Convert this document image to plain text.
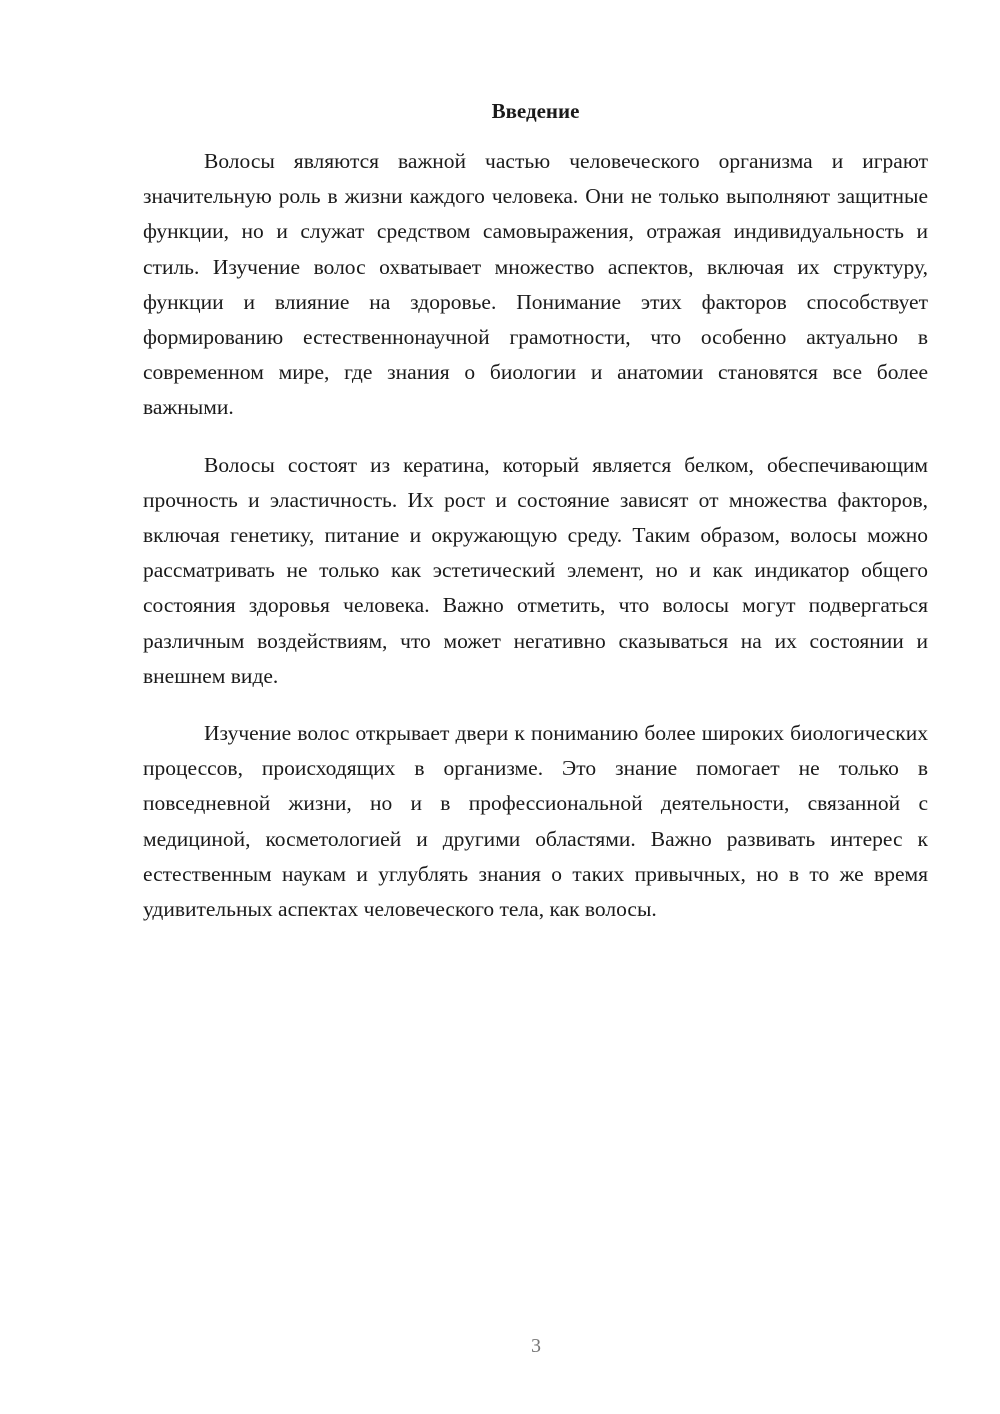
Введение

Волосы являются важной частью человеческого организма и играют значительную роль в жизни каждого человека. Они не только выполняют защитные функции, но и служат средством самовыражения, отражая индивидуальность и стиль. Изучение волос охватывает множество аспектов, включая их структуру, функции и влияние на здоровье. Понимание этих факторов способствует формированию естественнонаучной грамотности, что особенно актуально в современном мире, где знания о биологии и анатомии становятся все более важными.

Волосы состоят из кератина, который является белком, обеспечивающим прочность и эластичность. Их рост и состояние зависят от множества факторов, включая генетику, питание и окружающую среду. Таким образом, волосы можно рассматривать не только как эстетический элемент, но и как индикатор общего состояния здоровья человека. Важно отметить, что волосы могут подвергаться различным воздействиям, что может негативно сказываться на их состоянии и внешнем виде.

Изучение волос открывает двери к пониманию более широких биологических процессов, происходящих в организме. Это знание помогает не только в повседневной жизни, но и в профессиональной деятельности, связанной с медициной, косметологией и другими областями. Важно развивать интерес к естественным наукам и углублять знания о таких привычных, но в то же время удивительных аспектах человеческого тела, как волосы.

3
